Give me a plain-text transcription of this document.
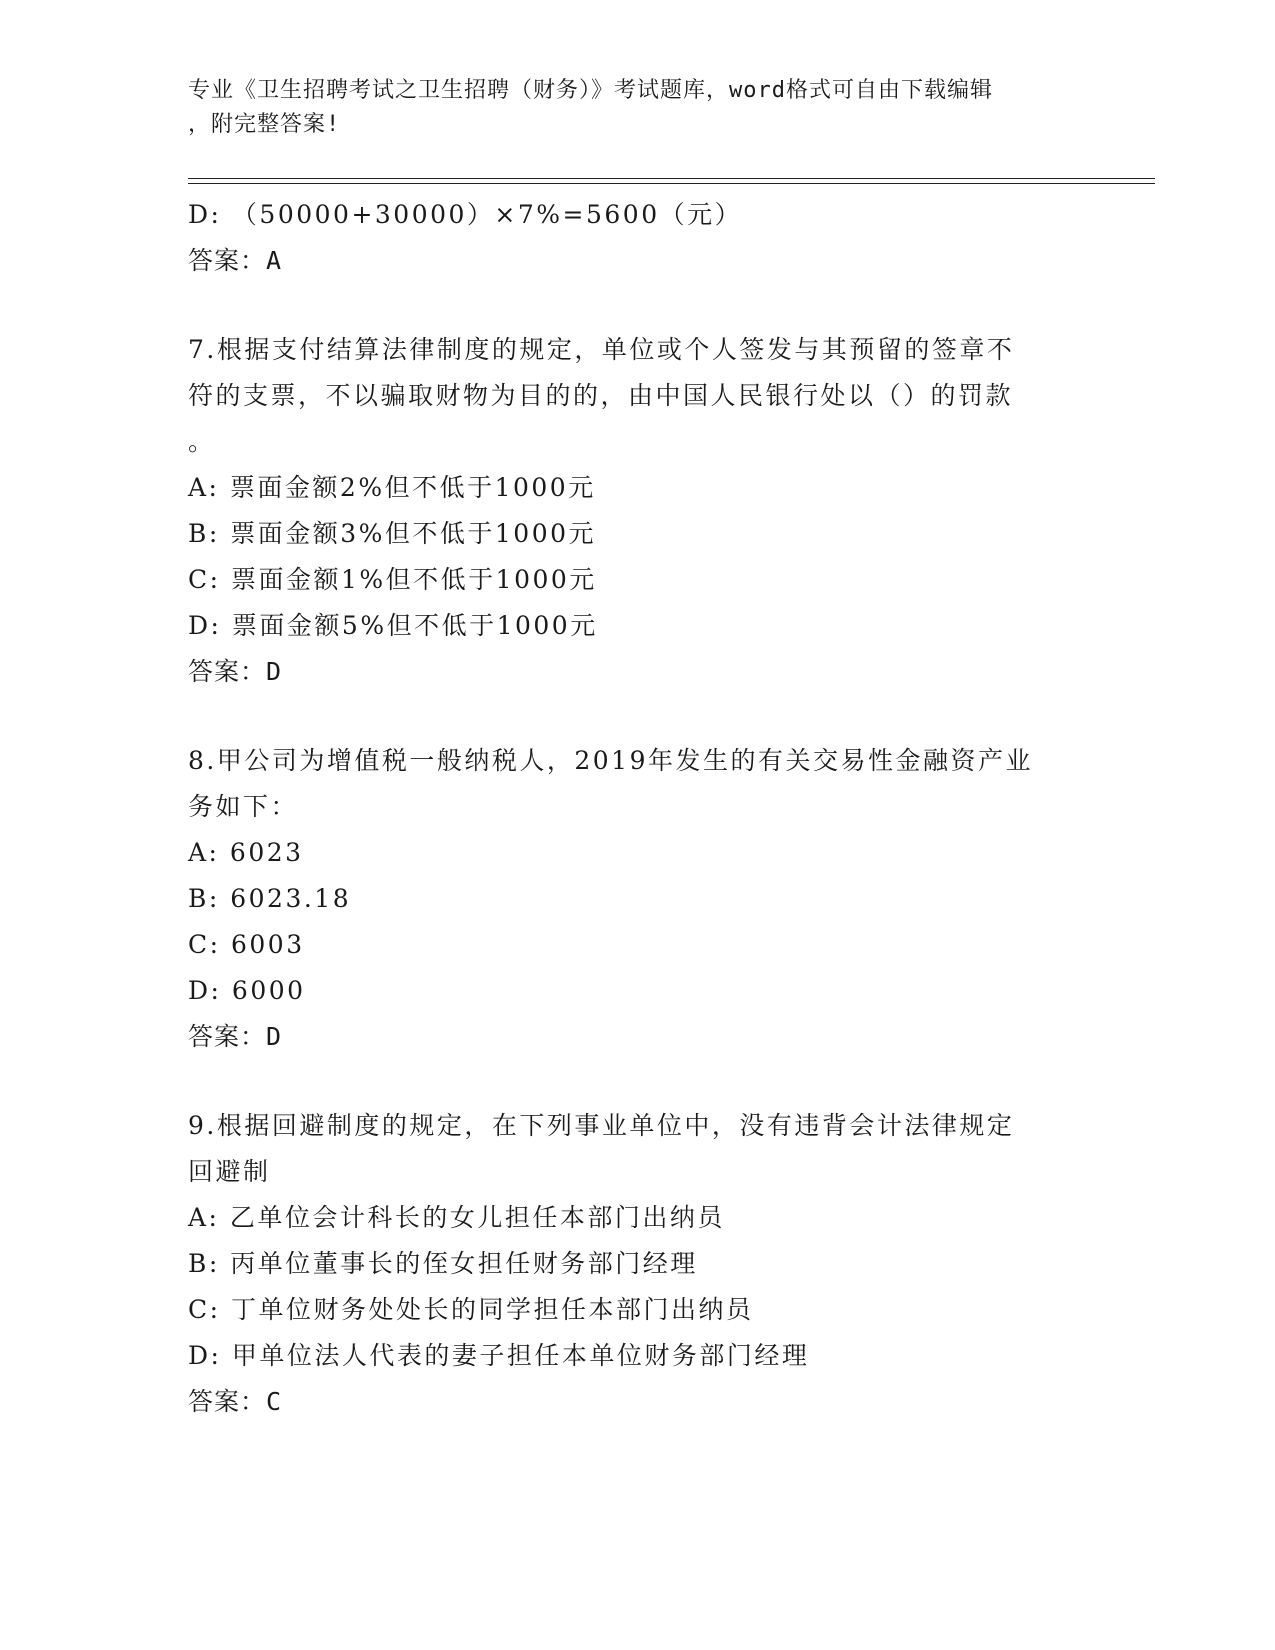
专业《卫生招聘考试之卫生招聘（财务）》考试题库，word格式可自由下载编辑
，附完整答案!
D: （50000+30000）×7%=5600（元）
答案：A
7.根据支付结算法律制度的规定，单位或个人签发与其预留的签章不
符的支票，不以骗取财物为目的的，由中国人民银行处以（）的罚款
。
A: 票面金额2%但不低于1000元
B: 票面金额3%但不低于1000元
C: 票面金额1%但不低于1000元
D: 票面金额5%但不低于1000元
答案：D
8.甲公司为增值税一般纳税人，2019年发生的有关交易性金融资产业
务如下：
A: 6023
B: 6023.18
C: 6003
D: 6000
答案：D
9.根据回避制度的规定，在下列事业单位中，没有违背会计法律规定
回避制
A: 乙单位会计科长的女儿担任本部门出纳员
B: 丙单位董事长的侄女担任财务部门经理
C: 丁单位财务处处长的同学担任本部门出纳员
D: 甲单位法人代表的妻子担任本单位财务部门经理
答案：C
